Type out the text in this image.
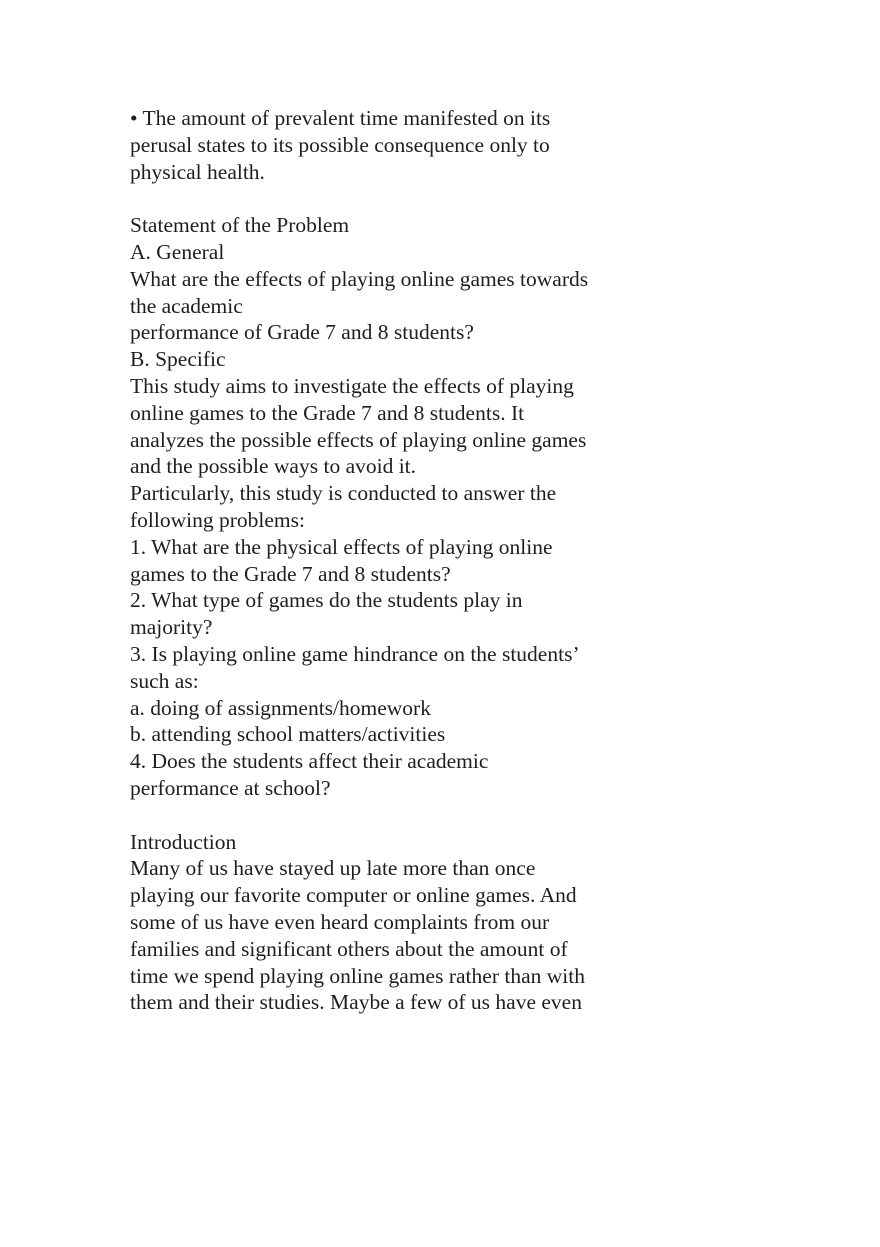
• The amount of prevalent time manifested on its
perusal states to its possible consequence only to
physical health.
Statement of the Problem
A. General
What are the effects of playing online games towards
the academic
performance of Grade 7 and 8 students?
B. Specific
This study aims to investigate the effects of playing
online games to the Grade 7 and 8 students. It
analyzes the possible effects of playing online games
and the possible ways to avoid it.
Particularly, this study is conducted to answer the
following problems:
1. What are the physical effects of playing online
games to the Grade 7 and 8 students?
2. What type of games do the students play in
majority?
3. Is playing online game hindrance on the students’
such as:
a. doing of assignments/homework
b. attending school matters/activities
4. Does the students affect their academic
performance at school?
Introduction
Many of us have stayed up late more than once
playing our favorite computer or online games. And
some of us have even heard complaints from our
families and significant others about the amount of
time we spend playing online games rather than with
them and their studies. Maybe a few of us have even
